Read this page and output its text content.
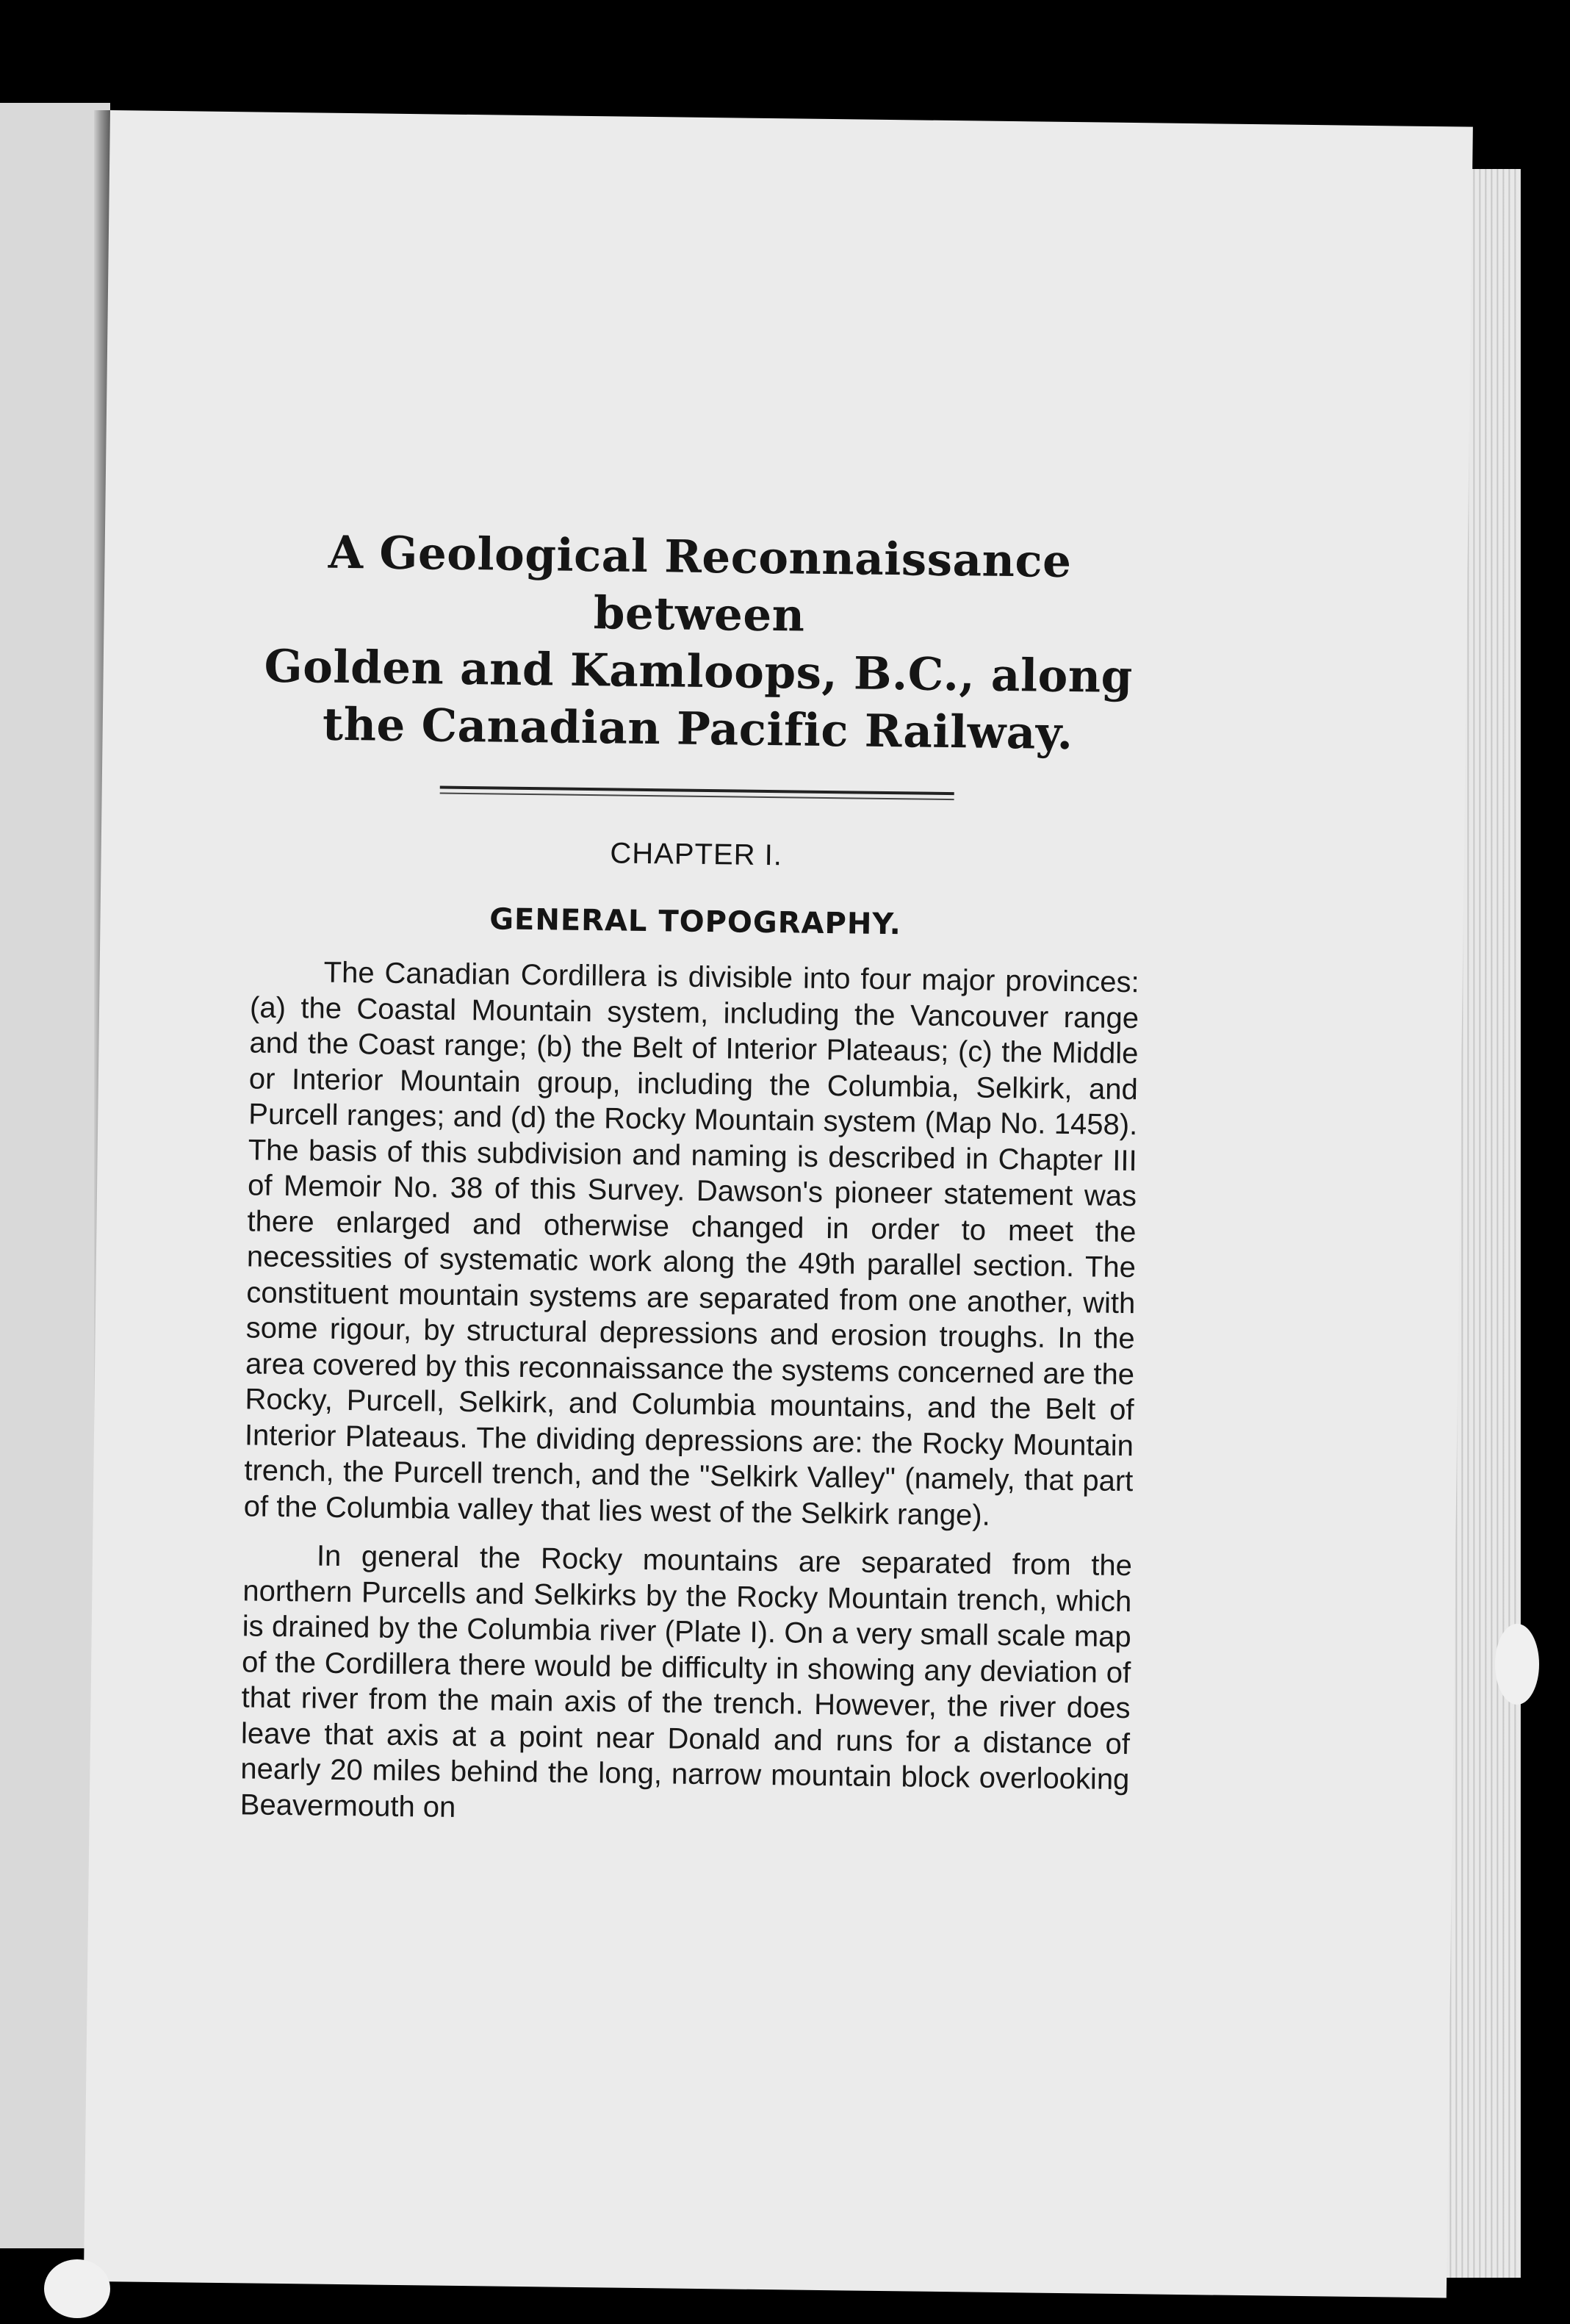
A Geological Reconnaissance between
Golden and Kamloops, B.C., along
the Canadian Pacific Railway.
CHAPTER I.
GENERAL TOPOGRAPHY.

The Canadian Cordillera is divisible into four major provinces: (a) the Coastal Mountain system, including the Vancouver range and the Coast range; (b) the Belt of Interior Plateaus; (c) the Middle or Interior Mountain group, including the Columbia, Selkirk, and Purcell ranges; and (d) the Rocky Mountain system (Map No. 1458). The basis of this subdivision and naming is described in Chapter III of Memoir No. 38 of this Survey. Dawson's pioneer statement was there enlarged and otherwise changed in order to meet the necessities of systematic work along the 49th parallel section. The constituent mountain systems are separated from one another, with some rigour, by structural depressions and erosion troughs. In the area covered by this reconnaissance the systems concerned are the Rocky, Purcell, Selkirk, and Columbia mountains, and the Belt of Interior Plateaus. The dividing depressions are: the Rocky Mountain trench, the Purcell trench, and the "Selkirk Valley" (namely, that part of the Columbia valley that lies west of the Selkirk range).

In general the Rocky mountains are separated from the northern Purcells and Selkirks by the Rocky Mountain trench, which is drained by the Columbia river (Plate I). On a very small scale map of the Cordillera there would be difficulty in showing any deviation of that river from the main axis of the trench. However, the river does leave that axis at a point near Donald and runs for a distance of nearly 20 miles behind the long, narrow mountain block overlooking Beavermouth on
